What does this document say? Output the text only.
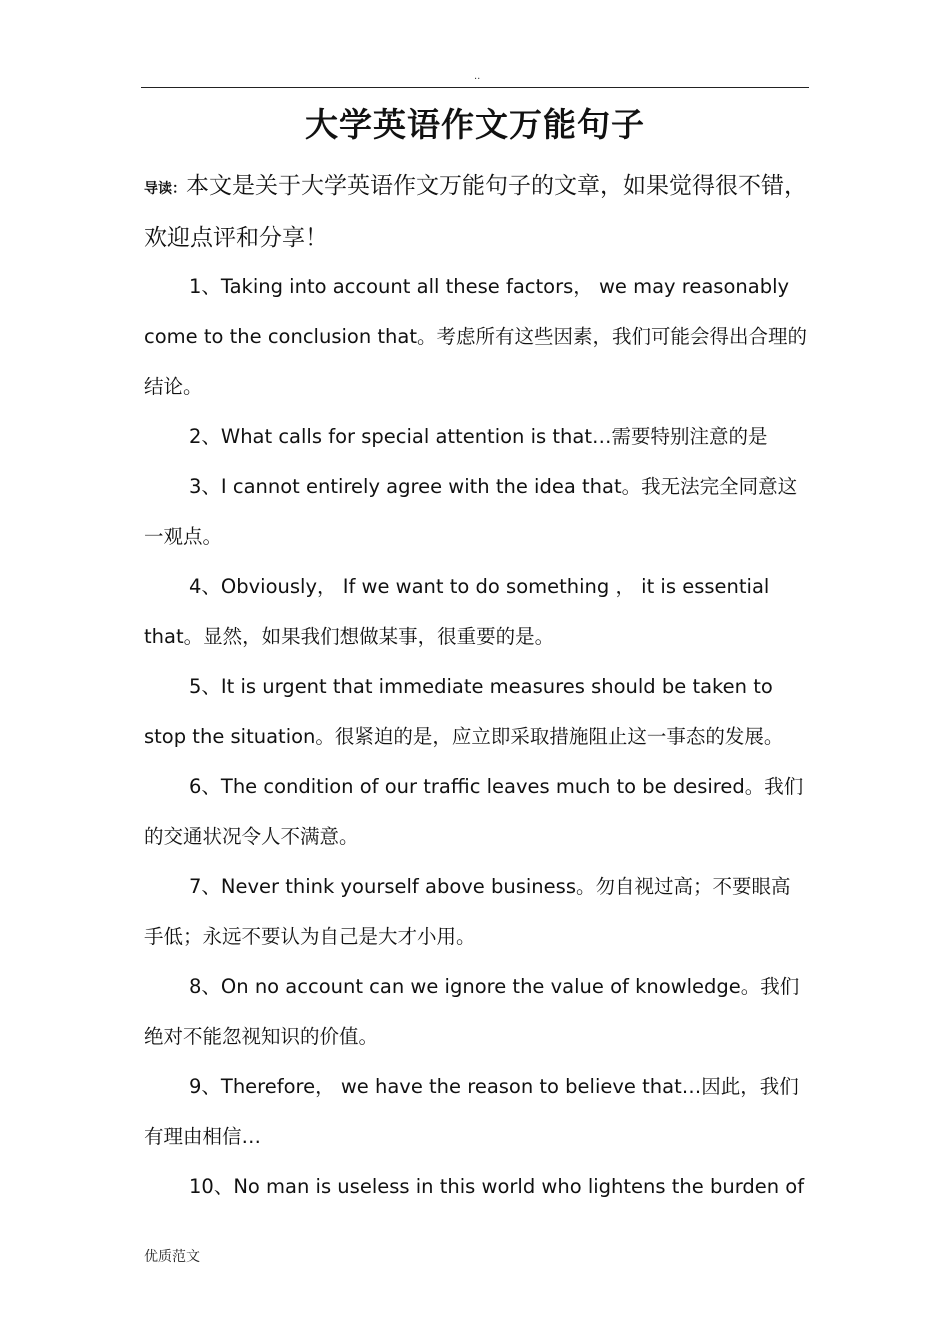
..
大学英语作文万能句子
导读：本文是关于大学英语作文万能句子的文章，如果觉得很不错，欢迎点评和分享！

1、Taking into account all these factors， we may reasonably come to the conclusion that。考虑所有这些因素，我们可能会得出合理的结论。

2、What calls for special attention is that…需要特别注意的是

3、I cannot entirely agree with the idea that。我无法完全同意这一观点。

4、Obviously， If we want to do something ， it is essential that。显然，如果我们想做某事，很重要的是。

5、It is urgent that immediate measures should be taken to stop the situation。很紧迫的是，应立即采取措施阻止这一事态的发展。

6、The condition of our traffic leaves much to be desired。我们的交通状况令人不满意。

7、Never think yourself above business。勿自视过高；不要眼高手低；永远不要认为自己是大才小用。

8、On no account can we ignore the value of knowledge。我们绝对不能忽视知识的价值。

9、Therefore， we have the reason to believe that…因此，我们有理由相信…

10、No man is useless in this world who lightens the burden of

优质范文
